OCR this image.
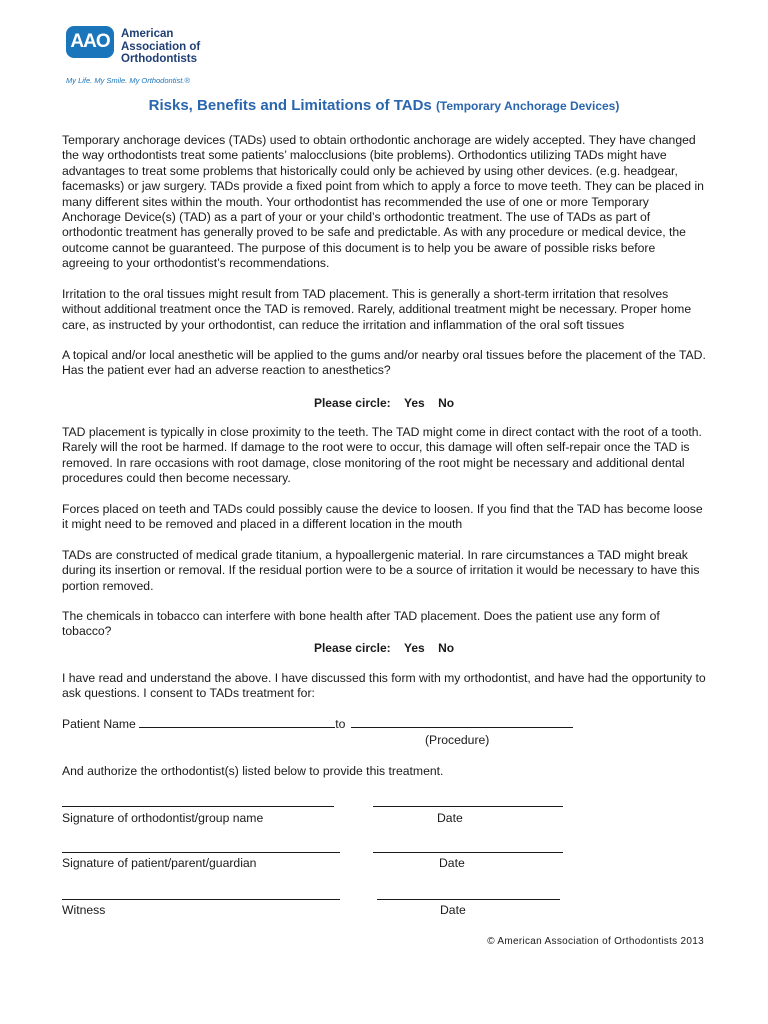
AAO American
Association of
Orthodontists
My Life. My Smile. My Orthodontist.®
Risks, Benefits and Limitations of TADs (Temporary Anchorage Devices)

Temporary anchorage devices (TADs) used to obtain orthodontic anchorage are widely accepted. They have changed the way orthodontists treat some patients’ malocclusions (bite problems). Orthodontics utilizing TADs might have advantages to treat some problems that historically could only be achieved by using other devices. (e.g. headgear, facemasks) or jaw surgery. TADs provide a fixed point from which to apply a force to move teeth. They can be placed in many different sites within the mouth. Your orthodontist has recommended the use of one or more Temporary Anchorage Device(s) (TAD) as a part of your or your child’s orthodontic treatment. The use of TADs as part of orthodontic treatment has generally proved to be safe and predictable. As with any procedure or medical device, the outcome cannot be guaranteed. The purpose of this document is to help you be aware of possible risks before agreeing to your orthodontist’s recommendations.

Irritation to the oral tissues might result from TAD placement. This is generally a short-term irritation that resolves without additional treatment once the TAD is removed. Rarely, additional treatment might be necessary. Proper home care, as instructed by your orthodontist, can reduce the irritation and inflammation of the oral soft tissues

A topical and/or local anesthetic will be applied to the gums and/or nearby oral tissues before the placement of the TAD. Has the patient ever had an adverse reaction to anesthetics?

Please circle: Yes No

TAD placement is typically in close proximity to the teeth. The TAD might come in direct contact with the root of a tooth. Rarely will the root be harmed. If damage to the root were to occur, this damage will often self-repair once the TAD is removed. In rare occasions with root damage, close monitoring of the root might be necessary and additional dental procedures could then become necessary.

Forces placed on teeth and TADs could possibly cause the device to loosen. If you find that the TAD has become loose it might need to be removed and placed in a different location in the mouth

TADs are constructed of medical grade titanium, a hypoallergenic material. In rare circumstances a TAD might break during its insertion or removal. If the residual portion were to be a source of irritation it would be necessary to have this portion removed.

The chemicals in tobacco can interfere with bone health after TAD placement. Does the patient use any form of tobacco?

Please circle: Yes No

I have read and understand the above. I have discussed this form with my orthodontist, and have had the opportunity to ask questions. I consent to TADs treatment for:

Patient Name	to
(Procedure)

And authorize the orthodontist(s) listed below to provide this treatment.

Signature of orthodontist/group name	Date
Signature of patient/parent/guardian	Date
Witness	Date
© American Association of Orthodontists 2013
